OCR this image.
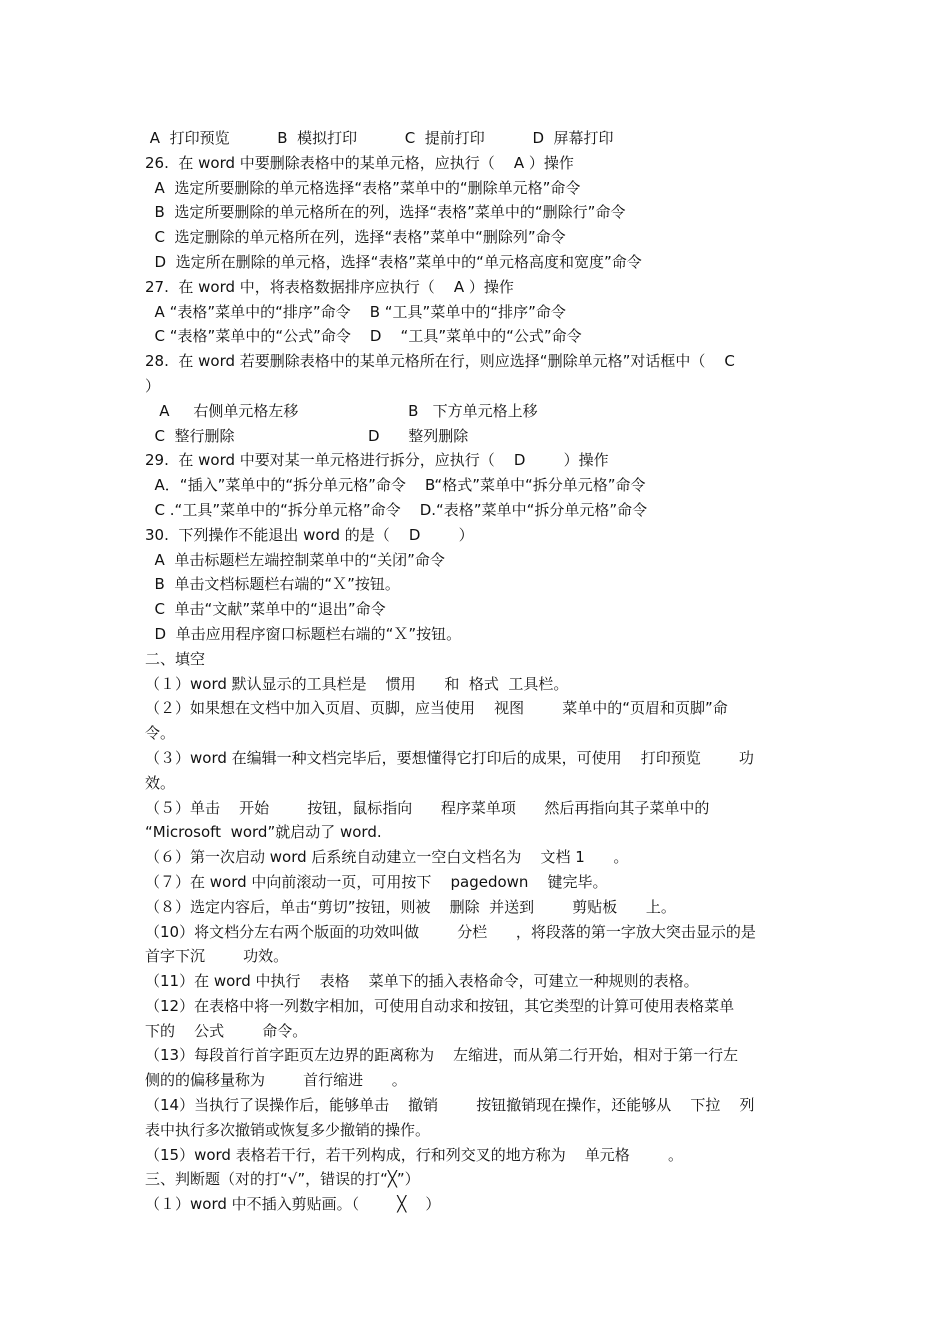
A  打印预览          B  模拟打印          C  提前打印          D  屏幕打印
26.  在 word 中要删除表格中的某单元格，应执行（    A ）操作
A  选定所要删除的单元格选择“表格”菜单中的“删除单元格”命令
B  选定所要删除的单元格所在的列，选择“表格”菜单中的“删除行”命令
C  选定删除的单元格所在列，选择“表格”菜单中“删除列”命令
D  选定所在删除的单元格，选择“表格”菜单中的“单元格高度和宽度”命令
27.  在 word 中，将表格数据排序应执行（    A ）操作
A “表格”菜单中的“排序”命令    B “工具”菜单中的“排序”命令
C “表格”菜单中的“公式”命令    D    “工具”菜单中的“公式”命令
28.  在 word 若要删除表格中的某单元格所在行，则应选择“删除单元格”对话框中（    C
）
A     右侧单元格左移                       B   下方单元格上移
C  整行删除                            D      整列删除
29.  在 word 中要对某一单元格进行拆分，应执行（    D        ）操作
A．“插入”菜单中的“拆分单元格”命令    B“格式”菜单中“拆分单元格”命令
C .“工具”菜单中的“拆分单元格”命令    D.“表格”菜单中“拆分单元格”命令
30.  下列操作不能退出 word 的是（    D        ）
A  单击标题栏左端控制菜单中的“关闭”命令
B  单击文档标题栏右端的“Ｘ”按钮。
C  单击“文献”菜单中的“退出”命令
D  单击应用程序窗口标题栏右端的“Ｘ”按钮。
二、填空
（１）word 默认显示的工具栏是    惯用      和  格式  工具栏。
（２）如果想在文档中加入页眉、页脚，应当使用    视图        菜单中的“页眉和页脚”命
令。
（３）word 在编辑一种文档完毕后，要想懂得它打印后的成果，可使用    打印预览        功
效。
（５）单击    开始        按钮，鼠标指向      程序菜单项      然后再指向其子菜单中的
“Microsoft  word”就启动了 word.
（６）第一次启动 word 后系统自动建立一空白文档名为    文档 1      。
（７）在 word 中向前滚动一页，可用按下    pagedown    键完毕。
（８）选定内容后，单击“剪切”按钮，则被    删除  并送到        剪贴板      上。
（10）将文档分左右两个版面的功效叫做        分栏      ，将段落的第一字放大突击显示的是
首字下沉        功效。
（11）在 word 中执行    表格    菜单下的插入表格命令，可建立一种规则的表格。
（12）在表格中将一列数字相加，可使用自动求和按钮，其它类型的计算可使用表格菜单
下的    公式        命令。
（13）每段首行首字距页左边界的距离称为    左缩进，而从第二行开始，相对于第一行左
侧的的偏移量称为        首行缩进      。
（14）当执行了误操作后，能够单击    撤销        按钮撤销现在操作，还能够从    下拉    列
表中执行多次撤销或恢复多少撤销的操作。
（15）word 表格若干行，若干列构成，行和列交叉的地方称为    单元格        。
三、判断题（对的打“√”，错误的打“╳”）
（１）word 中不插入剪贴画。（        ╳    ）
